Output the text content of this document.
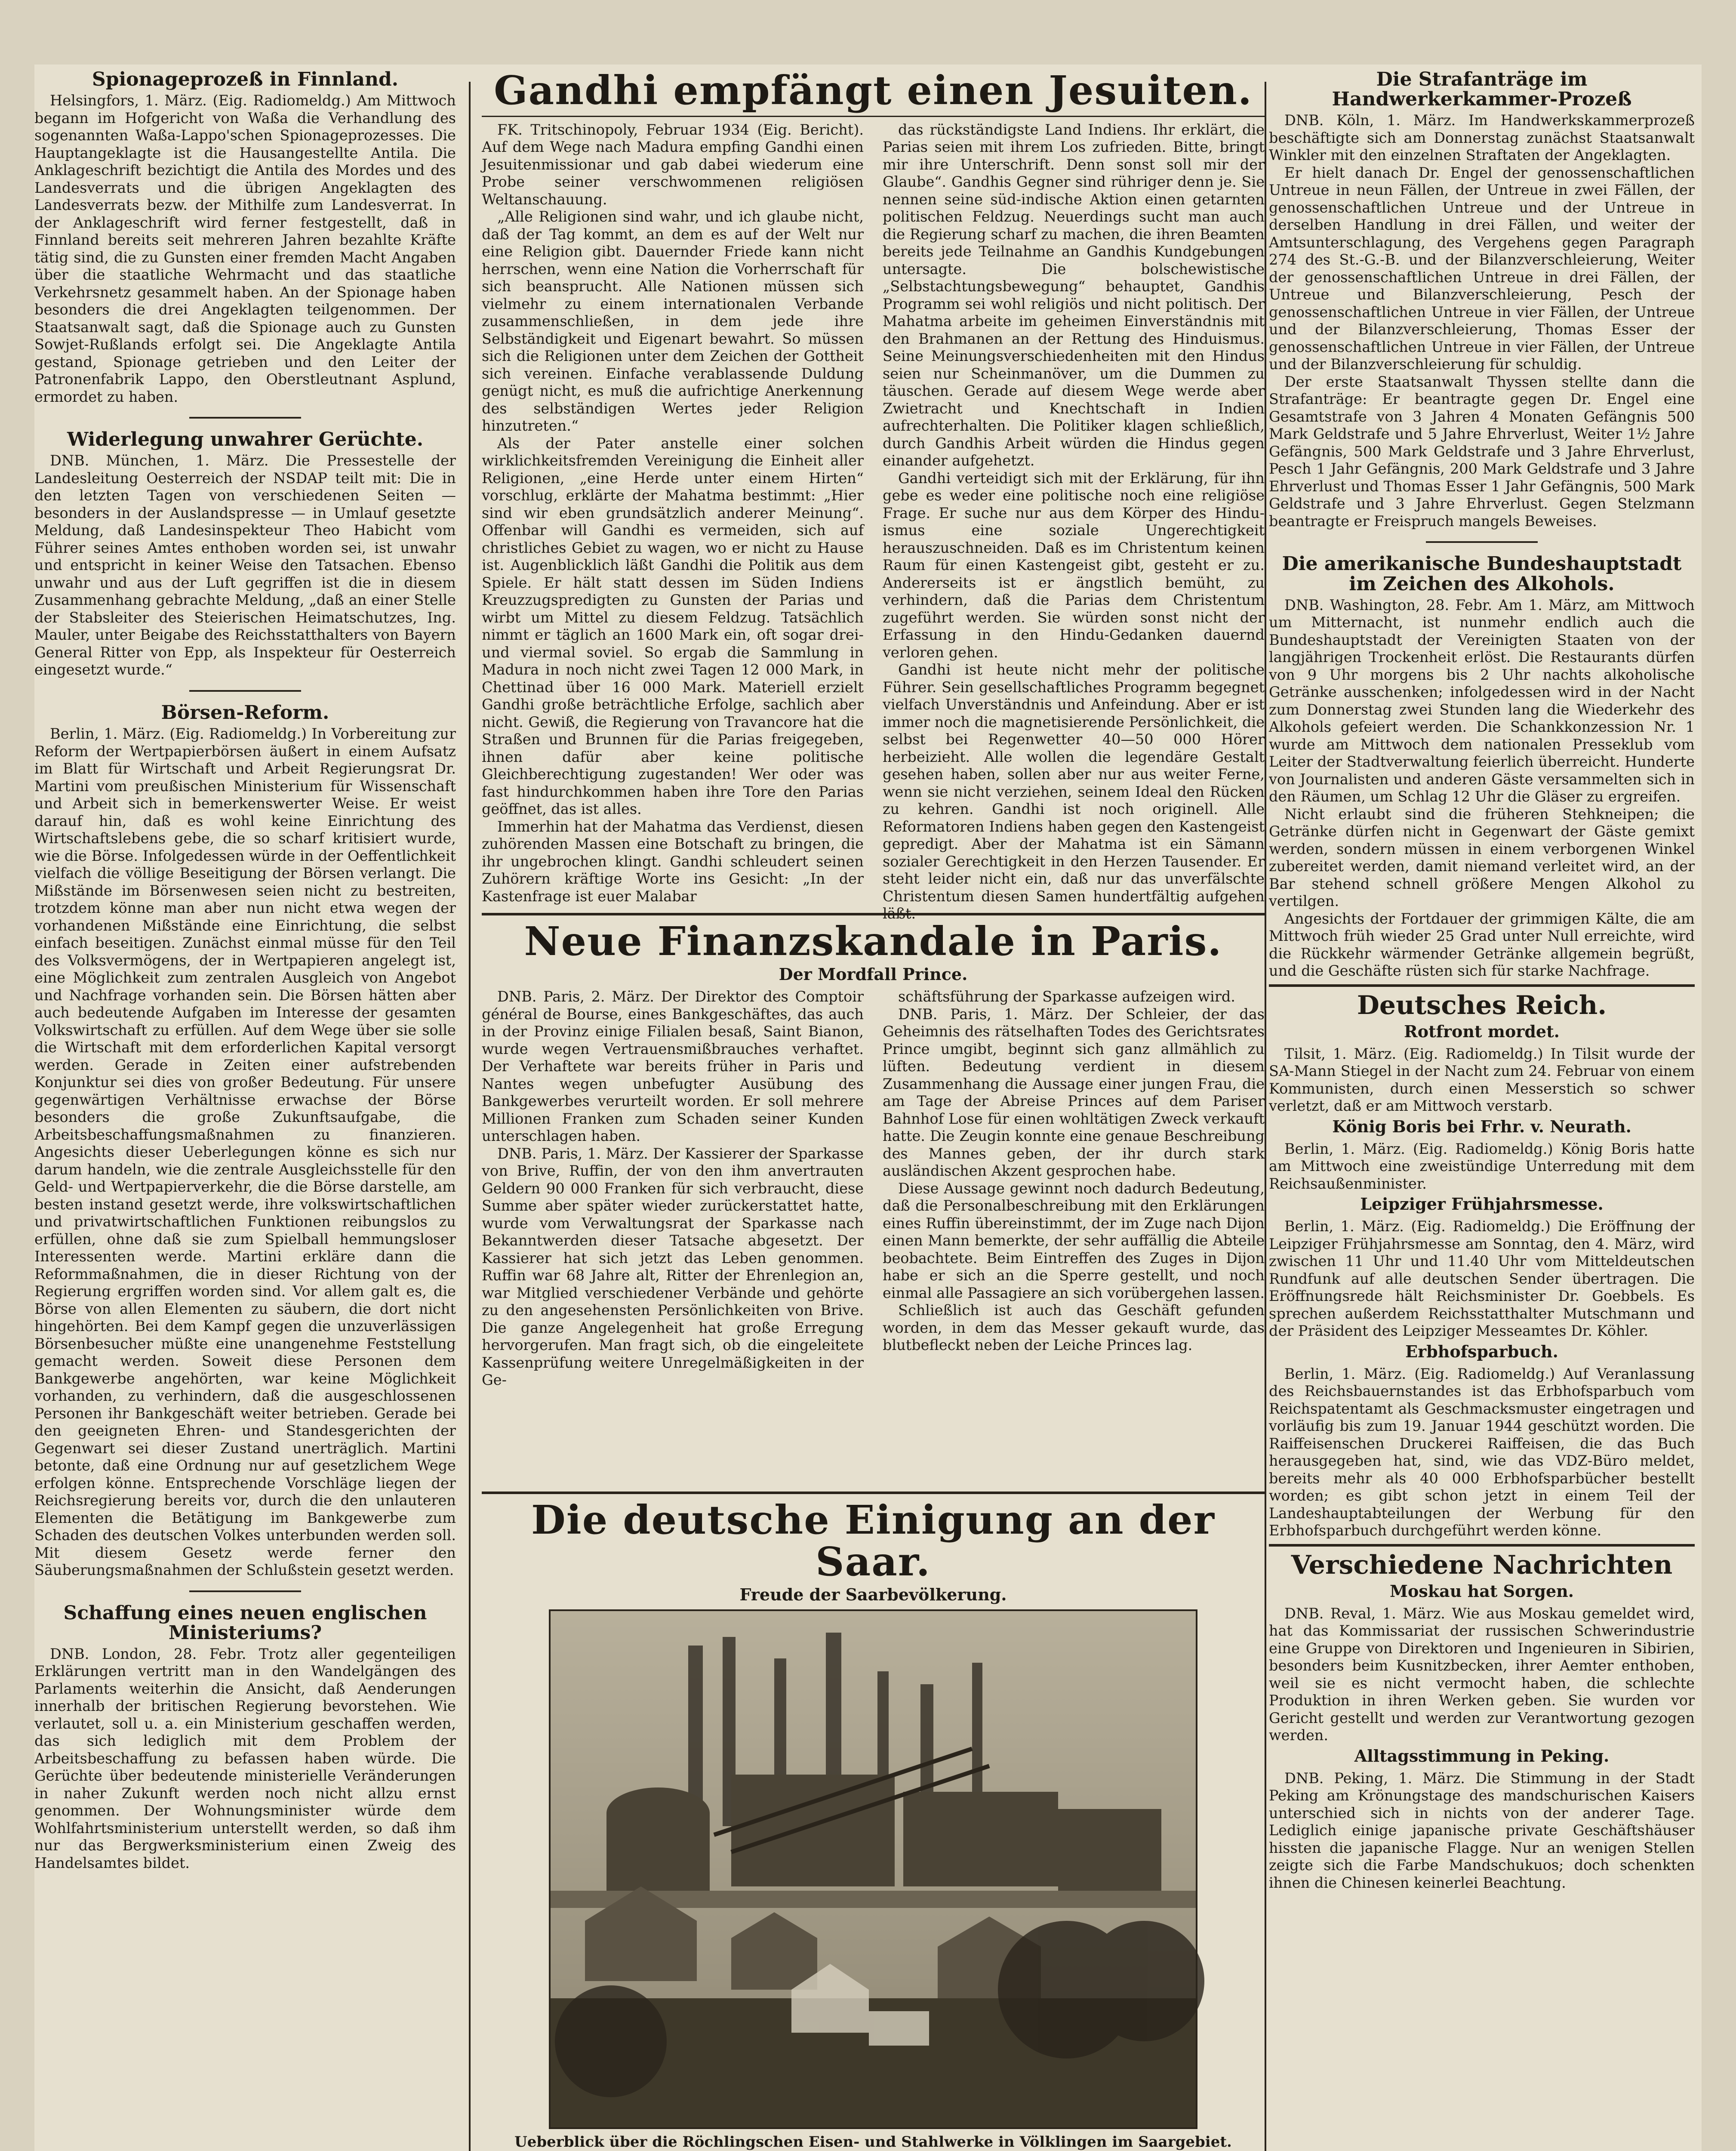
Spionageprozeß in Finnland.

Helsingfors, 1. März. (Eig. Radiomeldg.) Am Mittwoch begann im Hofgericht von Waßa die Verhandlung des sogenannten Waßa-Lappo'schen Spionageprozesses. Die Hauptangeklagte ist die Hausangestellte Antila. Die Anklageschrift bezichtigt die Antila des Mordes und des Landesverrats und die übrigen Angeklagten des Landesverrats bezw. der Mithilfe zum Landesverrat. In der Anklageschrift wird ferner festgestellt, daß in Finnland bereits seit mehreren Jahren bezahlte Kräfte tätig sind, die zu Gunsten einer fremden Macht Angaben über die staatliche Wehrmacht und das staatliche Verkehrsnetz gesammelt haben. An der Spionage haben besonders die drei Angeklagten teilgenommen. Der Staatsanwalt sagt, daß die Spionage auch zu Gunsten Sowjet-Rußlands erfolgt sei. Die Angeklagte Antila gestand, Spionage getrieben und den Leiter der Patronenfabrik Lappo, den Oberstleutnant Asplund, ermordet zu haben.

Widerlegung unwahrer Gerüchte.

DNB. München, 1. März. Die Pressestelle der Landesleitung Oesterreich der NSDAP teilt mit: Die in den letzten Tagen von verschiedenen Seiten — besonders in der Auslandspresse — in Umlauf gesetzte Meldung, daß Landesinspekteur Theo Habicht vom Führer seines Amtes enthoben worden sei, ist unwahr und entspricht in keiner Weise den Tatsachen. Ebenso unwahr und aus der Luft gegriffen ist die in diesem Zusammenhang gebrachte Meldung, „daß an einer Stelle der Stabsleiter des Steierischen Heimatschutzes, Ing. Mauler, unter Beigabe des Reichsstatthalters von Bayern General Ritter von Epp, als Inspekteur für Oesterreich eingesetzt wurde.“

Börsen-Reform.

Berlin, 1. März. (Eig. Radiomeldg.) In Vorbereitung zur Reform der Wertpapierbörsen äußert in einem Aufsatz im Blatt für Wirtschaft und Arbeit Regierungsrat Dr. Martini vom preußischen Ministerium für Wissenschaft und Arbeit sich in bemerkenswerter Weise. Er weist darauf hin, daß es wohl keine Einrichtung des Wirtschaftslebens gebe, die so scharf kritisiert wurde, wie die Börse. Infolgedessen würde in der Oeffentlichkeit vielfach die völlige Beseitigung der Börsen verlangt. Die Mißstände im Börsenwesen seien nicht zu bestreiten, trotzdem könne man aber nun nicht etwa wegen der vorhandenen Mißstände eine Einrichtung, die selbst einfach beseitigen. Zunächst einmal müsse für den Teil des Volksvermögens, der in Wertpapieren angelegt ist, eine Möglichkeit zum zentralen Ausgleich von Angebot und Nachfrage vorhanden sein. Die Börsen hätten aber auch bedeutende Aufgaben im Interesse der gesamten Volkswirtschaft zu erfüllen. Auf dem Wege über sie solle die Wirtschaft mit dem erforderlichen Kapital versorgt werden. Gerade in Zeiten einer aufstrebenden Konjunktur sei dies von großer Bedeutung. Für unsere gegenwärtigen Verhältnisse erwachse der Börse besonders die große Zukunftsaufgabe, die Arbeitsbeschaffungsmaßnahmen zu finanzieren. Angesichts dieser Ueberlegungen könne es sich nur darum handeln, wie die zentrale Ausgleichsstelle für den Geld- und Wertpapierverkehr, die die Börse darstelle, am besten instand gesetzt werde, ihre volkswirtschaftlichen und privatwirtschaftlichen Funktionen reibungslos zu erfüllen, ohne daß sie zum Spielball hemmungsloser Interessenten werde. Martini erkläre dann die Reformmaßnahmen, die in dieser Richtung von der Regierung ergriffen worden sind. Vor allem galt es, die Börse von allen Elementen zu säubern, die dort nicht hingehörten. Bei dem Kampf gegen die unzuverlässigen Börsenbesucher müßte eine unangenehme Feststellung gemacht werden. Soweit diese Personen dem Bankgewerbe angehörten, war keine Möglichkeit vorhanden, zu verhindern, daß die ausgeschlossenen Personen ihr Bankgeschäft weiter betrieben. Gerade bei den geeigneten Ehren- und Standesgerichten der Gegenwart sei dieser Zustand unerträglich. Martini betonte, daß eine Ordnung nur auf gesetzlichem Wege erfolgen könne. Entsprechende Vorschläge liegen der Reichsregierung bereits vor, durch die den unlauteren Elementen die Betätigung im Bankgewerbe zum Schaden des deutschen Volkes unterbunden werden soll. Mit diesem Gesetz werde ferner den Säuberungsmaßnahmen der Schlußstein gesetzt werden.

Schaffung eines neuen englischen Ministeriums?

DNB. London, 28. Febr. Trotz aller gegenteiligen Erklärungen vertritt man in den Wandelgängen des Parlaments weiterhin die Ansicht, daß Aenderungen innerhalb der britischen Regierung bevorstehen. Wie verlautet, soll u. a. ein Ministerium geschaffen werden, das sich lediglich mit dem Problem der Arbeitsbeschaffung zu befassen haben würde. Die Gerüchte über bedeutende ministerielle Veränderungen in naher Zukunft werden noch nicht allzu ernst genommen. Der Wohnungsminister würde dem Wohlfahrtsministerium unterstellt werden, so daß ihm nur das Bergwerksministerium einen Zweig des Handelsamtes bildet.

Gandhi empfängt einen Jesuiten.

FK. Tritschinopoly, Februar 1934 (Eig. Bericht). Auf dem Wege nach Madura empfing Gandhi einen Jesuitenmissionar und gab dabei wiederum eine Probe seiner verschwommenen religiösen Weltanschauung.

„Alle Religionen sind wahr, und ich glaube nicht, daß der Tag kommt, an dem es auf der Welt nur eine Religion gibt. Dauernder Friede kann nicht herrschen, wenn eine Nation die Vorherrschaft für sich beansprucht. Alle Nationen müssen sich vielmehr zu einem internationalen Verbande zusammenschließen, in dem jede ihre Selbständigkeit und Eigenart bewahrt. So müssen sich die Religionen unter dem Zeichen der Gottheit sich vereinen. Einfache verablassende Duldung genügt nicht, es muß die aufrichtige Anerkennung des selbständigen Wertes jeder Religion hinzutreten.“

Als der Pater anstelle einer solchen wirklichkeitsfremden Vereinigung die Einheit aller Religionen, „eine Herde unter einem Hirten“ vorschlug, erklärte der Mahatma bestimmt: „Hier sind wir eben grundsätzlich anderer Meinung“. Offenbar will Gandhi es vermeiden, sich auf christliches Gebiet zu wagen, wo er nicht zu Hause ist. Augenblicklich läßt Gandhi die Politik aus dem Spiele. Er hält statt dessen im Süden Indiens Kreuzzugspredigten zu Gunsten der Parias und wirbt um Mittel zu diesem Feldzug. Tatsächlich nimmt er täglich an 1600 Mark ein, oft sogar drei- und viermal soviel. So ergab die Sammlung in Madura in noch nicht zwei Tagen 12 000 Mark, in Chettinad über 16 000 Mark. Materiell erzielt Gandhi große beträchtliche Erfolge, sachlich aber nicht. Gewiß, die Regierung von Travancore hat die Straßen und Brunnen für die Parias freigegeben, ihnen dafür aber keine politische Gleichberechtigung zugestanden! Wer oder was fast hindurchkommen haben ihre Tore den Parias geöffnet, das ist alles.

Immerhin hat der Mahatma das Verdienst, diesen zuhörenden Massen eine Botschaft zu bringen, die ihr ungebrochen klingt. Gandhi schleudert seinen Zuhörern kräftige Worte ins Gesicht: „In der Kastenfrage ist euer Malabar

das rückständigste Land Indiens. Ihr erklärt, die Parias seien mit ihrem Los zufrieden. Bitte, bringt mir ihre Unterschrift. Denn sonst soll mir der Glaube“. Gandhis Gegner sind rühriger denn je. Sie nennen seine süd-indische Aktion einen getarnten politischen Feldzug. Neuerdings sucht man auch die Regierung scharf zu machen, die ihren Beamten bereits jede Teilnahme an Gandhis Kundgebungen untersagte. Die bolschewistische „Selbstachtungsbewegung“ behauptet, Gandhis Programm sei wohl religiös und nicht politisch. Der Mahatma arbeite im geheimen Einverständnis mit den Brahmanen an der Rettung des Hinduismus. Seine Meinungsverschiedenheiten mit den Hindus seien nur Scheinmanöver, um die Dummen zu täuschen. Gerade auf diesem Wege werde aber Zwietracht und Knechtschaft in Indien aufrechterhalten. Die Politiker klagen schließlich, durch Gandhis Arbeit würden die Hindus gegen einander aufgehetzt.

Gandhi verteidigt sich mit der Erklärung, für ihn gebe es weder eine politische noch eine religiöse Frage. Er suche nur aus dem Körper des Hindu-ismus eine soziale Ungerechtigkeit herauszuschneiden. Daß es im Christentum keinen Raum für einen Kastengeist gibt, gesteht er zu. Andererseits ist er ängstlich bemüht, zu verhindern, daß die Parias dem Christentum zugeführt werden. Sie würden sonst nicht der Erfassung in den Hindu-Gedanken dauernd verloren gehen.

Gandhi ist heute nicht mehr der politische Führer. Sein gesellschaftliches Programm begegnet vielfach Unverständnis und Anfeindung. Aber er ist immer noch die magnetisierende Persönlichkeit, die selbst bei Regenwetter 40—50 000 Hörer herbeizieht. Alle wollen die legendäre Gestalt gesehen haben, sollen aber nur aus weiter Ferne, wenn sie nicht verziehen, seinem Ideal den Rücken zu kehren. Gandhi ist noch originell. Alle Reformatoren Indiens haben gegen den Kastengeist gepredigt. Aber der Mahatma ist ein Sämann sozialer Gerechtigkeit in den Herzen Tausender. Er steht leider nicht ein, daß nur das unverfälschte Christentum diesen Samen hundertfältig aufgehen läßt.

Neue Finanzskandale in Paris.
Der Mordfall Prince.

DNB. Paris, 2. März. Der Direktor des Comptoir général de Bourse, eines Bankgeschäftes, das auch in der Provinz einige Filialen besaß, Saint Bianon, wurde wegen Vertrauensmißbrauches verhaftet. Der Verhaftete war bereits früher in Paris und Nantes wegen unbefugter Ausübung des Bankgewerbes verurteilt worden. Er soll mehrere Millionen Franken zum Schaden seiner Kunden unterschlagen haben.

DNB. Paris, 1. März. Der Kassierer der Sparkasse von Brive, Ruffin, der von den ihm anvertrauten Geldern 90 000 Franken für sich verbraucht, diese Summe aber später wieder zurückerstattet hatte, wurde vom Verwaltungsrat der Sparkasse nach Bekanntwerden dieser Tatsache abgesetzt. Der Kassierer hat sich jetzt das Leben genommen. Ruffin war 68 Jahre alt, Ritter der Ehrenlegion an, war Mitglied verschiedener Verbände und gehörte zu den angesehensten Persönlichkeiten von Brive. Die ganze Angelegenheit hat große Erregung hervorgerufen. Man fragt sich, ob die eingeleitete Kassenprüfung weitere Unregelmäßigkeiten in der Ge-

schäftsführung der Sparkasse aufzeigen wird.

DNB. Paris, 1. März. Der Schleier, der das Geheimnis des rätselhaften Todes des Gerichtsrates Prince umgibt, beginnt sich ganz allmählich zu lüften. Bedeutung verdient in diesem Zusammenhang die Aussage einer jungen Frau, die am Tage der Abreise Princes auf dem Pariser Bahnhof Lose für einen wohltätigen Zweck verkauft hatte. Die Zeugin konnte eine genaue Beschreibung des Mannes geben, der ihr durch stark ausländischen Akzent gesprochen habe.

Diese Aussage gewinnt noch dadurch Bedeutung, daß die Personalbeschreibung mit den Erklärungen eines Ruffin übereinstimmt, der im Zuge nach Dijon einen Mann bemerkte, der sehr auffällig die Abteile beobachtete. Beim Eintreffen des Zuges in Dijon habe er sich an die Sperre gestellt, und noch einmal alle Passagiere an sich vorübergehen lassen.

Schließlich ist auch das Geschäft gefunden worden, in dem das Messer gekauft wurde, das blutbefleckt neben der Leiche Princes lag.

Die deutsche Einigung an der Saar.
Freude der Saarbevölkerung.
Ueberblick über die Röchlingschen Eisen- und Stahlwerke in Völklingen im Saargebiet.

Die Strafanträge im Handwerkerkammer-Prozeß

DNB. Köln, 1. März. Im Handwerkskammerprozeß beschäftigte sich am Donnerstag zunächst Staatsanwalt Winkler mit den einzelnen Straftaten der Angeklagten.

Er hielt danach Dr. Engel der genossenschaftlichen Untreue in neun Fällen, der Untreue in zwei Fällen, der genossenschaftlichen Untreue und der Untreue in derselben Handlung in drei Fällen, und weiter der Amtsunterschlagung, des Vergehens gegen Paragraph 274 des St.-G.-B. und der Bilanzverschleierung, Weiter der genossenschaftlichen Untreue in drei Fällen, der Untreue und Bilanzverschleierung, Pesch der genossenschaftlichen Untreue in vier Fällen, der Untreue und der Bilanzverschleierung, Thomas Esser der genossenschaftlichen Untreue in vier Fällen, der Untreue und der Bilanzverschleierung für schuldig.

Der erste Staatsanwalt Thyssen stellte dann die Strafanträge: Er beantragte gegen Dr. Engel eine Gesamtstrafe von 3 Jahren 4 Monaten Gefängnis 500 Mark Geldstrafe und 5 Jahre Ehrverlust, Weiter 1½ Jahre Gefängnis, 500 Mark Geldstrafe und 3 Jahre Ehrverlust, Pesch 1 Jahr Gefängnis, 200 Mark Geldstrafe und 3 Jahre Ehrverlust und Thomas Esser 1 Jahr Gefängnis, 500 Mark Geldstrafe und 3 Jahre Ehrverlust. Gegen Stelzmann beantragte er Freispruch mangels Beweises.

Die amerikanische Bundeshauptstadt im Zeichen des Alkohols.

DNB. Washington, 28. Febr. Am 1. März, am Mittwoch um Mitternacht, ist nunmehr endlich auch die Bundeshauptstadt der Vereinigten Staaten von der langjährigen Trockenheit erlöst. Die Restaurants dürfen von 9 Uhr morgens bis 2 Uhr nachts alkoholische Getränke ausschenken; infolgedessen wird in der Nacht zum Donnerstag zwei Stunden lang die Wiederkehr des Alkohols gefeiert werden. Die Schankkonzession Nr. 1 wurde am Mittwoch dem nationalen Presseklub vom Leiter der Stadtverwaltung feierlich überreicht. Hunderte von Journalisten und anderen Gäste versammelten sich in den Räumen, um Schlag 12 Uhr die Gläser zu ergreifen.

Nicht erlaubt sind die früheren Stehkneipen; die Getränke dürfen nicht in Gegenwart der Gäste gemixt werden, sondern müssen in einem verborgenen Winkel zubereitet werden, damit niemand verleitet wird, an der Bar stehend schnell größere Mengen Alkohol zu vertilgen.

Angesichts der Fortdauer der grimmigen Kälte, die am Mittwoch früh wieder 25 Grad unter Null erreichte, wird die Rückkehr wärmender Getränke allgemein begrüßt, und die Geschäfte rüsten sich für starke Nachfrage.

Deutsches Reich.
Rotfront mordet.

Tilsit, 1. März. (Eig. Radiomeldg.) In Tilsit wurde der SA-Mann Stiegel in der Nacht zum 24. Februar von einem Kommunisten, durch einen Messerstich so schwer verletzt, daß er am Mittwoch verstarb.

König Boris bei Frhr. v. Neurath.

Berlin, 1. März. (Eig. Radiomeldg.) König Boris hatte am Mittwoch eine zweistündige Unterredung mit dem Reichsaußenminister.

Leipziger Frühjahrsmesse.

Berlin, 1. März. (Eig. Radiomeldg.) Die Eröffnung der Leipziger Frühjahrsmesse am Sonntag, den 4. März, wird zwischen 11 Uhr und 11.40 Uhr vom Mitteldeutschen Rundfunk auf alle deutschen Sender übertragen. Die Eröffnungsrede hält Reichsminister Dr. Goebbels. Es sprechen außerdem Reichsstatthalter Mutschmann und der Präsident des Leipziger Messeamtes Dr. Köhler.

Erbhofsparbuch.

Berlin, 1. März. (Eig. Radiomeldg.) Auf Veranlassung des Reichsbauernstandes ist das Erbhofsparbuch vom Reichspatentamt als Geschmacksmuster eingetragen und vorläufig bis zum 19. Januar 1944 geschützt worden. Die Raiffeisenschen Druckerei Raiffeisen, die das Buch herausgegeben hat, sind, wie das VDZ-Büro meldet, bereits mehr als 40 000 Erbhofsparbücher bestellt worden; es gibt schon jetzt in einem Teil der Landeshauptabteilungen der Werbung für den Erbhofsparbuch durchgeführt werden könne.

Verschiedene Nachrichten
Moskau hat Sorgen.

DNB. Reval, 1. März. Wie aus Moskau gemeldet wird, hat das Kommissariat der russischen Schwerindustrie eine Gruppe von Direktoren und Ingenieuren in Sibirien, besonders beim Kusnitzbecken, ihrer Aemter enthoben, weil sie es nicht vermocht haben, die schlechte Produktion in ihren Werken geben. Sie wurden vor Gericht gestellt und werden zur Verantwortung gezogen werden.

Alltagsstimmung in Peking.

DNB. Peking, 1. März. Die Stimmung in der Stadt Peking am Krönungstage des mandschurischen Kaisers unterschied sich in nichts von der anderer Tage. Lediglich einige japanische private Geschäftshäuser hissten die japanische Flagge. Nur an wenigen Stellen zeigte sich die Farbe Mandschukuos; doch schenkten ihnen die Chinesen keinerlei Beachtung.
